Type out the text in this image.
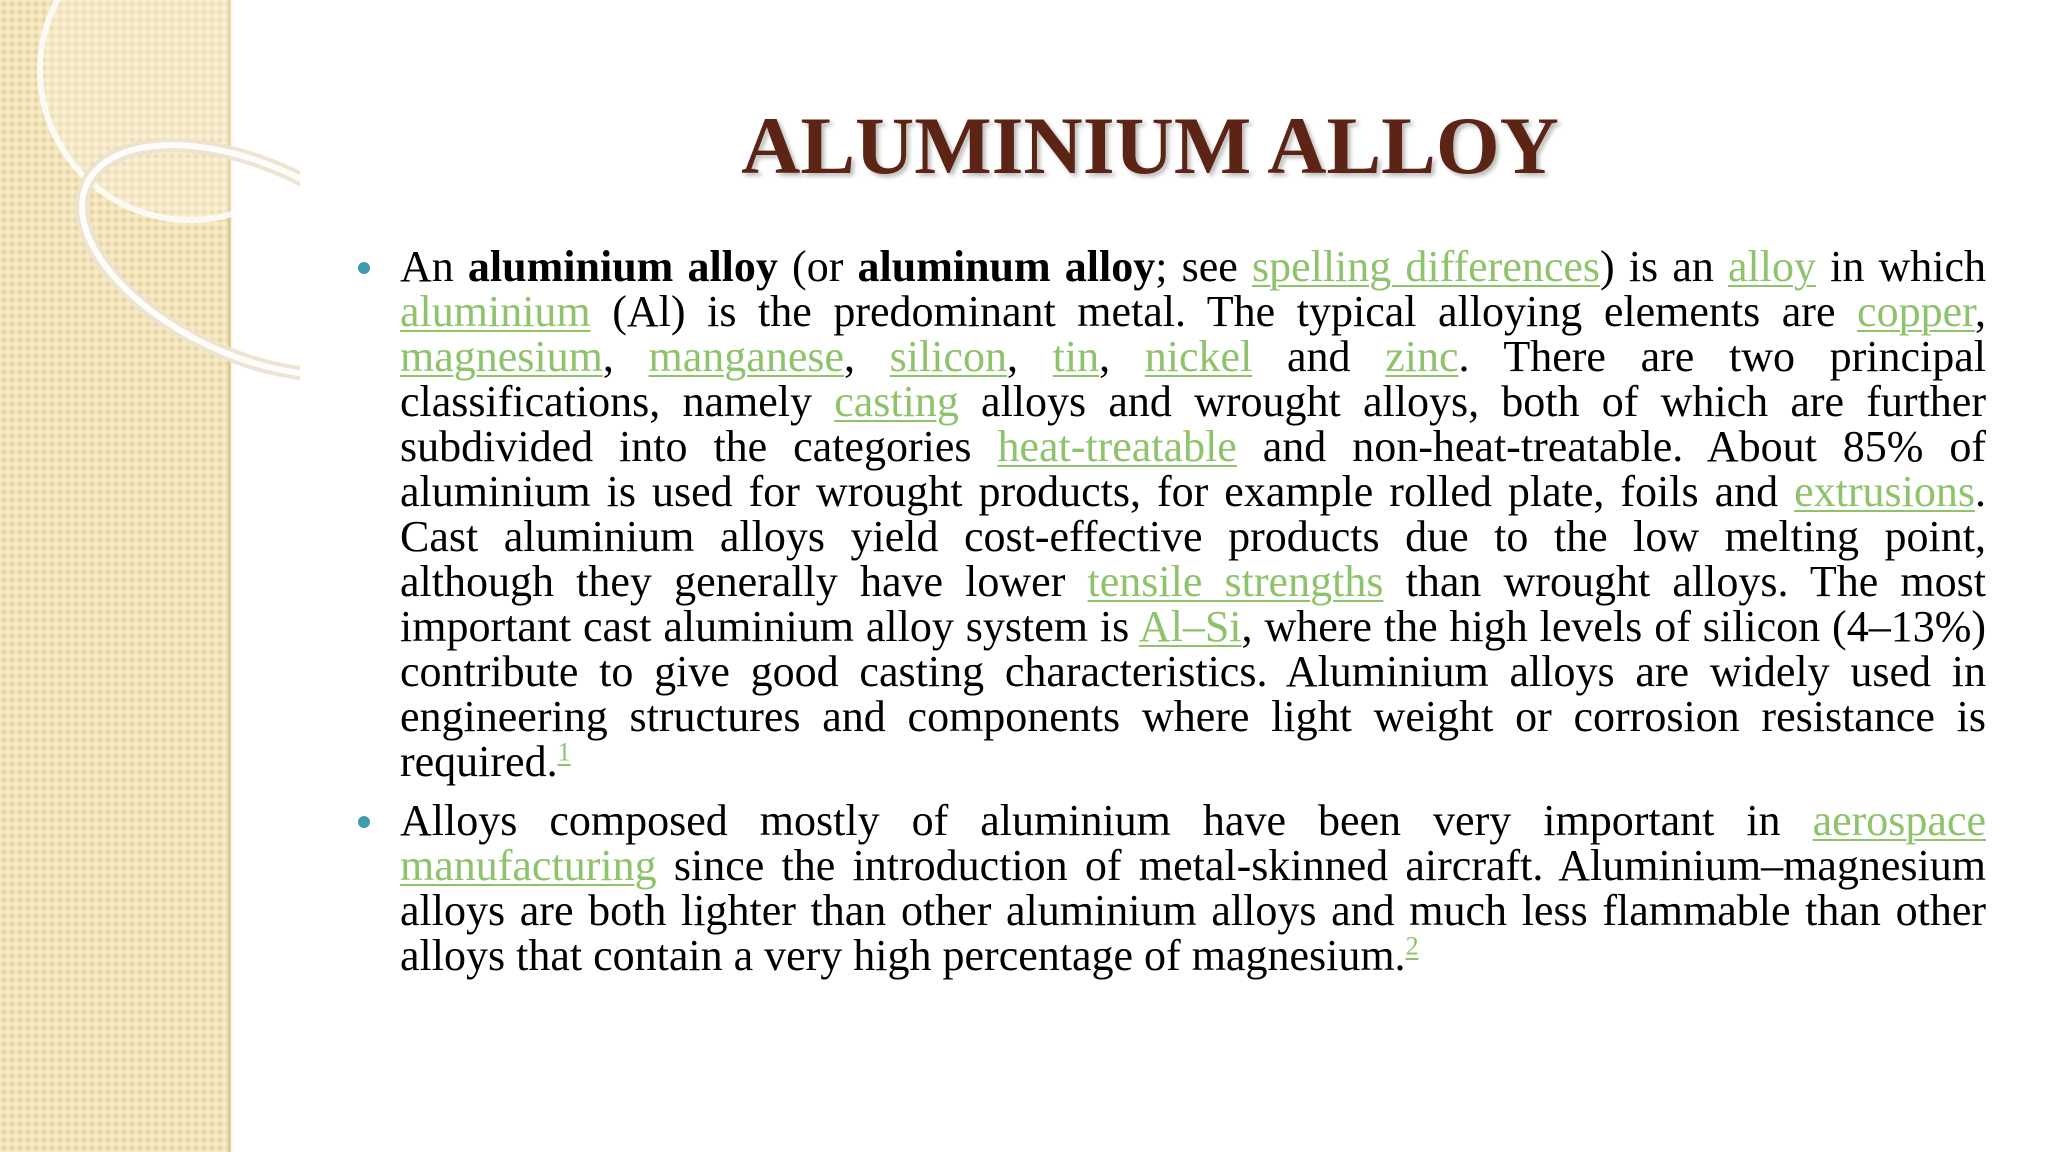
ALUMINIUM ALLOY
An aluminium alloy (or aluminum alloy; see spelling differences) is an alloy in which aluminium (Al) is the predominant metal. The typical alloying elements are copper, magnesium, manganese, silicon, tin, nickel and zinc. There are two principal classifications, namely casting alloys and wrought alloys, both of which are further subdivided into the categories heat-treatable and non-heat-treatable. About 85% of aluminium is used for wrought products, for example rolled plate, foils and extrusions. Cast aluminium alloys yield cost-effective products due to the low melting point, although they generally have lower tensile strengths than wrought alloys. The most important cast aluminium alloy system is Al–Si, where the high levels of silicon (4–13%) contribute to give good casting characteristics. Aluminium alloys are widely used in engineering structures and components where light weight or corrosion resistance is required.$^1$
Alloys composed mostly of aluminium have been very important in aerospace manufacturing since the introduction of metal-skinned aircraft. Aluminium–magnesium alloys are both lighter than other aluminium alloys and much less flammable than other alloys that contain a very high percentage of magnesium.$^2$
